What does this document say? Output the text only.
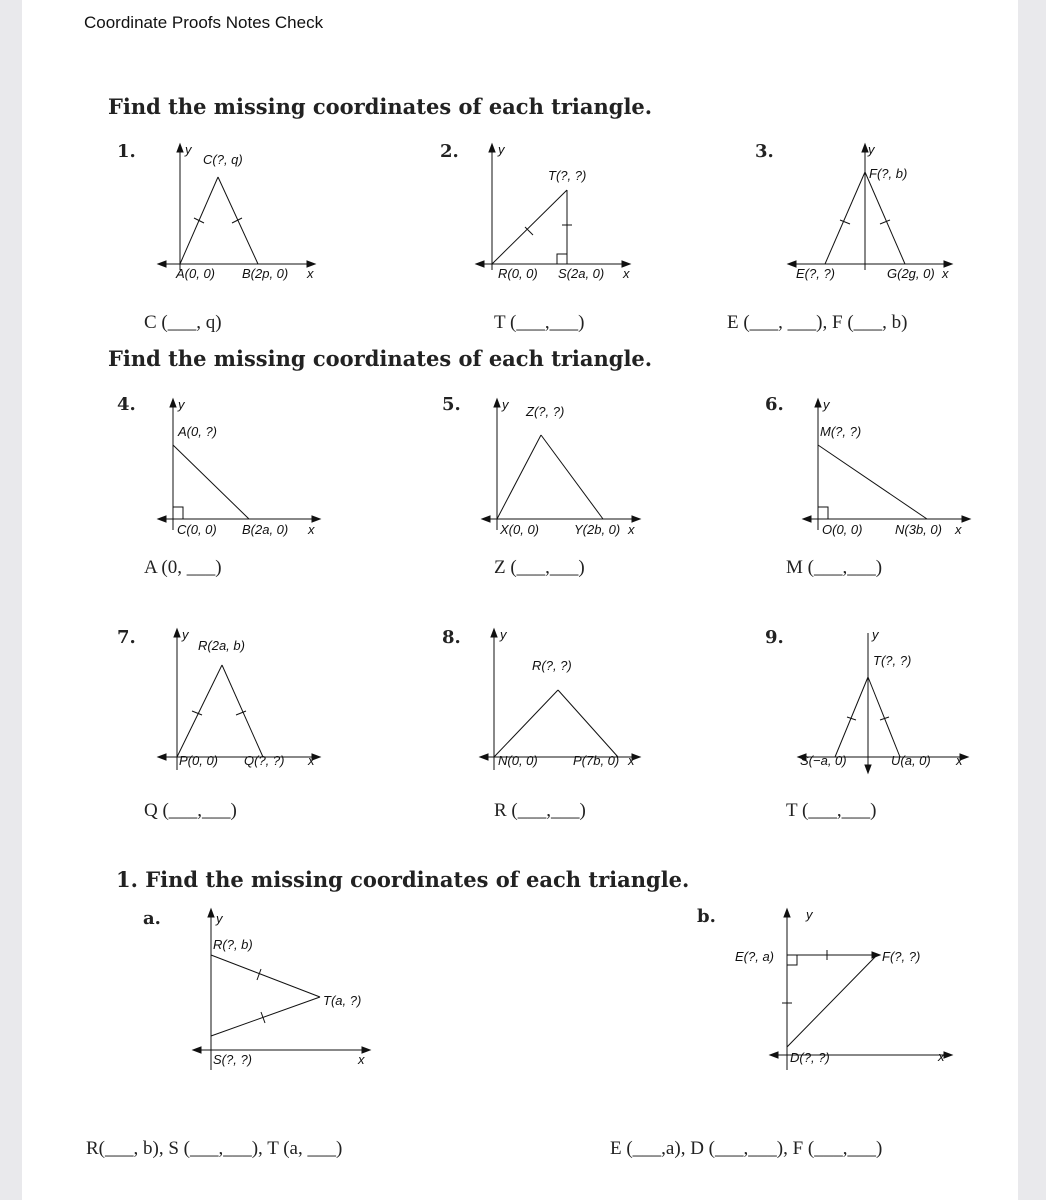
Coordinate Proofs Notes Check
Find the missing coordinates of each triangle.
Find the missing coordinates of each triangle.
1. Find the missing coordinates of each triangle.
1.	y
C(?, q)
A(0, 0) B(2p, 0) x
C (___, q)
2.	y
T(?, ?)
R(0, 0) S(2a, 0) x
T (___,___)
3.	y
F(?, b)
E(?, ?)	G(2g, 0) x
E (___, ___), F (___, b)
4.	y
A(0, ?)
C(0, 0) B(2a, 0) x
A (0, ___)
5.	y Z(?, ?)
X(0, 0)	Y(2b, 0) x
Z (___,___)
6.	y
M(?, ?)
O(0, 0)	N(3b, 0) x
M (___,___)
7.	y
R(2a, b)
P(0, 0) Q(?, ?) x
Q (___,___)
8.	y
R(?, ?)
N(0, 0)	P(7b, 0) x
R (___,___)
9.	y
T(?, ?)
S(−a, 0)	U(a, 0) x
T (___,___)
a.	y
R(?, b)
T(a, ?)
S(?, ?)	x
R(___, b), S (___,___), T (a, ___)
b.	y
E(?, a)	F(?, ?)
D(?, ?)	x
E (___,a), D (___,___), F (___,___)
